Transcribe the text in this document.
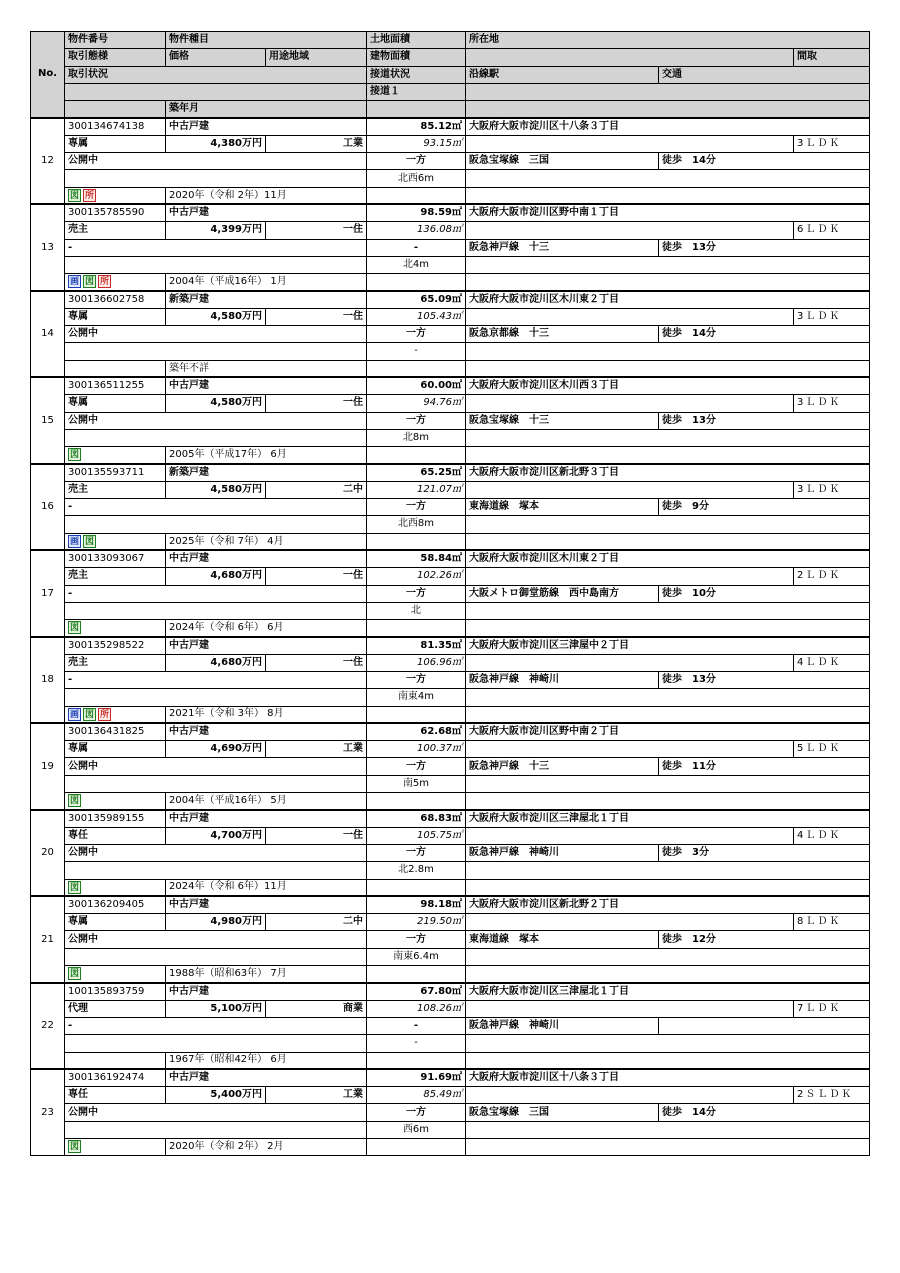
No.	物件番号	物件種目		土地面積	所在地		
	取引態様	価格	用途地域	建物面積			間取
	取引状況			接道状況	沿線駅	交通	
				接道１			
		築年月					
12	300134674138	中古戸建		85.12㎡	大阪府大阪市淀川区十八条３丁目		
	専属	4,380万円	工業	93.15㎡			3ＬＤＫ
	公開中			一方	阪急宝塚線　三国	徒歩　14分	
				北西6m			
	図 所	2020年（令和 2年）11月					
13	300135785590	中古戸建		98.59㎡	大阪府大阪市淀川区野中南１丁目		
	売主	4,399万円	一住	136.08㎡			6ＬＤＫ
	-			-	阪急神戸線　十三	徒歩　13分	
				北4m			
	画 図 所	2004年（平成16年） 1月					
14	300136602758	新築戸建		65.09㎡	大阪府大阪市淀川区木川東２丁目		
	専属	4,580万円	一住	105.43㎡			3ＬＤＫ
	公開中			一方	阪急京都線　十三	徒歩　14分	
				-			
		築年不詳					
15	300136511255	中古戸建		60.00㎡	大阪府大阪市淀川区木川西３丁目		
	専属	4,580万円	一住	94.76㎡			3ＬＤＫ
	公開中			一方	阪急宝塚線　十三	徒歩　13分	
				北8m			
	図	2005年（平成17年） 6月					
16	300135593711	新築戸建		65.25㎡	大阪府大阪市淀川区新北野３丁目		
	売主	4,580万円	二中	121.07㎡			3ＬＤＫ
	-			一方	東海道線　塚本	徒歩　9分	
				北西8m			
	画 図	2025年（令和 7年） 4月					
17	300133093067	中古戸建		58.84㎡	大阪府大阪市淀川区木川東２丁目		
	売主	4,680万円	一住	102.26㎡			2ＬＤＫ
	-			一方	大阪メトロ御堂筋線　西中島南方	徒歩　10分	
				北			
	図	2024年（令和 6年） 6月					
18	300135298522	中古戸建		81.35㎡	大阪府大阪市淀川区三津屋中２丁目		
	売主	4,680万円	一住	106.96㎡			4ＬＤＫ
	-			一方	阪急神戸線　神崎川	徒歩　13分	
				南東4m			
	画 図 所	2021年（令和 3年） 8月					
19	300136431825	中古戸建		62.68㎡	大阪府大阪市淀川区野中南２丁目		
	専属	4,690万円	工業	100.37㎡			5ＬＤＫ
	公開中			一方	阪急神戸線　十三	徒歩　11分	
				南5m			
	図	2004年（平成16年） 5月					
20	300135989155	中古戸建		68.83㎡	大阪府大阪市淀川区三津屋北１丁目		
	専任	4,700万円	一住	105.75㎡			4ＬＤＫ
	公開中			一方	阪急神戸線　神崎川	徒歩　3分	
				北2.8m			
	図	2024年（令和 6年）11月					
21	300136209405	中古戸建		98.18㎡	大阪府大阪市淀川区新北野２丁目		
	専属	4,980万円	二中	219.50㎡			8ＬＤＫ
	公開中			一方	東海道線　塚本	徒歩　12分	
				南東6.4m			
	図	1988年（昭和63年） 7月					
22	100135893759	中古戸建		67.80㎡	大阪府大阪市淀川区三津屋北１丁目		
	代理	5,100万円	商業	108.26㎡			7ＬＤＫ
	-			-	阪急神戸線　神崎川		
				-			
		1967年（昭和42年） 6月					
23	300136192474	中古戸建		91.69㎡	大阪府大阪市淀川区十八条３丁目		
	専任	5,400万円	工業	85.49㎡			2ＳＬＤＫ
	公開中			一方	阪急宝塚線　三国	徒歩　14分	
				西6m			
	図	2020年（令和 2年） 2月					
